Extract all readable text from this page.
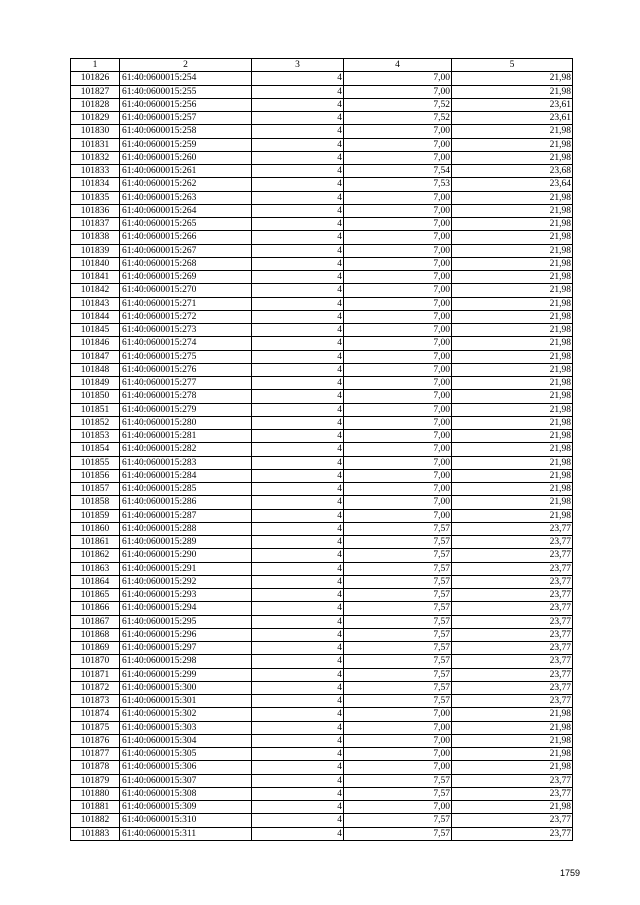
1	2	3	4	5
101826	61:40:0600015:254	4	7,00	21,98
101827	61:40:0600015:255	4	7,00	21,98
101828	61:40:0600015:256	4	7,52	23,61
101829	61:40:0600015:257	4	7,52	23,61
101830	61:40:0600015:258	4	7,00	21,98
101831	61:40:0600015:259	4	7,00	21,98
101832	61:40:0600015:260	4	7,00	21,98
101833	61:40:0600015:261	4	7,54	23,68
101834	61:40:0600015:262	4	7,53	23,64
101835	61:40:0600015:263	4	7,00	21,98
101836	61:40:0600015:264	4	7,00	21,98
101837	61:40:0600015:265	4	7,00	21,98
101838	61:40:0600015:266	4	7,00	21,98
101839	61:40:0600015:267	4	7,00	21,98
101840	61:40:0600015:268	4	7,00	21,98
101841	61:40:0600015:269	4	7,00	21,98
101842	61:40:0600015:270	4	7,00	21,98
101843	61:40:0600015:271	4	7,00	21,98
101844	61:40:0600015:272	4	7,00	21,98
101845	61:40:0600015:273	4	7,00	21,98
101846	61:40:0600015:274	4	7,00	21,98
101847	61:40:0600015:275	4	7,00	21,98
101848	61:40:0600015:276	4	7,00	21,98
101849	61:40:0600015:277	4	7,00	21,98
101850	61:40:0600015:278	4	7,00	21,98
101851	61:40:0600015:279	4	7,00	21,98
101852	61:40:0600015:280	4	7,00	21,98
101853	61:40:0600015:281	4	7,00	21,98
101854	61:40:0600015:282	4	7,00	21,98
101855	61:40:0600015:283	4	7,00	21,98
101856	61:40:0600015:284	4	7,00	21,98
101857	61:40:0600015:285	4	7,00	21,98
101858	61:40:0600015:286	4	7,00	21,98
101859	61:40:0600015:287	4	7,00	21,98
101860	61:40:0600015:288	4	7,57	23,77
101861	61:40:0600015:289	4	7,57	23,77
101862	61:40:0600015:290	4	7,57	23,77
101863	61:40:0600015:291	4	7,57	23,77
101864	61:40:0600015:292	4	7,57	23,77
101865	61:40:0600015:293	4	7,57	23,77
101866	61:40:0600015:294	4	7,57	23,77
101867	61:40:0600015:295	4	7,57	23,77
101868	61:40:0600015:296	4	7,57	23,77
101869	61:40:0600015:297	4	7,57	23,77
101870	61:40:0600015:298	4	7,57	23,77
101871	61:40:0600015:299	4	7,57	23,77
101872	61:40:0600015:300	4	7,57	23,77
101873	61:40:0600015:301	4	7,57	23,77
101874	61:40:0600015:302	4	7,00	21,98
101875	61:40:0600015:303	4	7,00	21,98
101876	61:40:0600015:304	4	7,00	21,98
101877	61:40:0600015:305	4	7,00	21,98
101878	61:40:0600015:306	4	7,00	21,98
101879	61:40:0600015:307	4	7,57	23,77
101880	61:40:0600015:308	4	7,57	23,77
101881	61:40:0600015:309	4	7,00	21,98
101882	61:40:0600015:310	4	7,57	23,77
101883	61:40:0600015:311	4	7,57	23,77
1759
